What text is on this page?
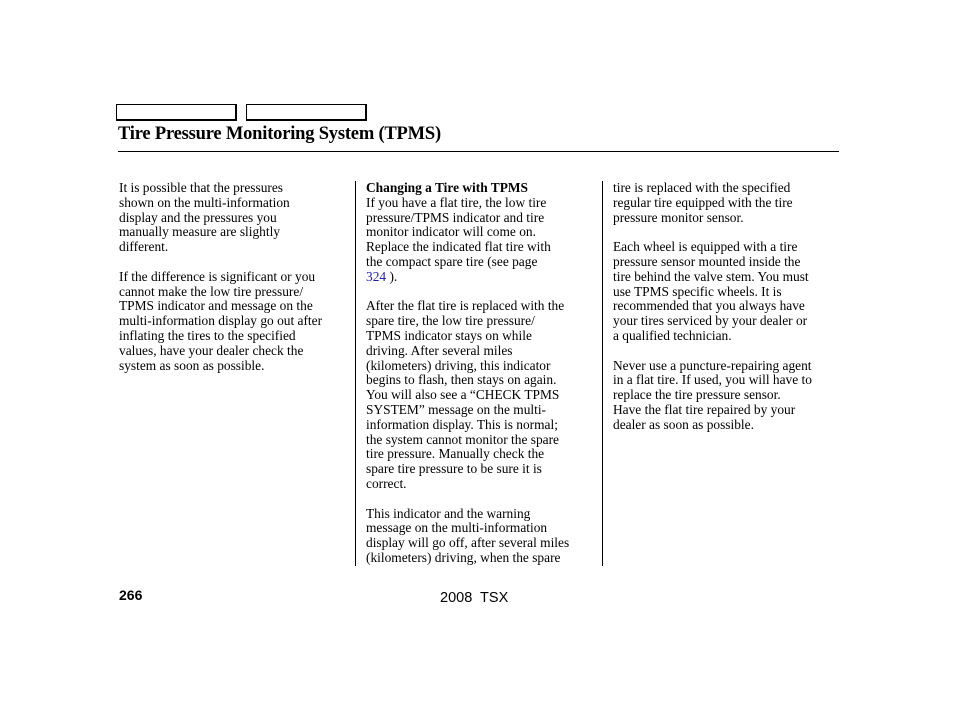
Tire Pressure Monitoring System (TPMS)

It is possible that the pressures
shown on the multi-information
display and the pressures you
manually measure are slightly
different.

If the difference is significant or you
cannot make the low tire pressure/
TPMS indicator and message on the
multi-information display go out after
inflating the tires to the specified
values, have your dealer check the
system as soon as possible.

Changing a Tire with TPMS

If you have a flat tire, the low tire
pressure/TPMS indicator and tire
monitor indicator will come on.
Replace the indicated flat tire with
the compact spare tire (see page
324 ).

After the flat tire is replaced with the
spare tire, the low tire pressure/
TPMS indicator stays on while
driving. After several miles
(kilometers) driving, this indicator
begins to flash, then stays on again.
You will also see a “CHECK TPMS
SYSTEM” message on the multi-
information display. This is normal;
the system cannot monitor the spare
tire pressure. Manually check the
spare tire pressure to be sure it is
correct.

This indicator and the warning
message on the multi-information
display will go off, after several miles
(kilometers) driving, when the spare

tire is replaced with the specified
regular tire equipped with the tire
pressure monitor sensor.

Each wheel is equipped with a tire
pressure sensor mounted inside the
tire behind the valve stem. You must
use TPMS specific wheels. It is
recommended that you always have
your tires serviced by your dealer or
a qualified technician.

Never use a puncture-repairing agent
in a flat tire. If used, you will have to
replace the tire pressure sensor.
Have the flat tire repaired by your
dealer as soon as possible.

266	2008  TSX
